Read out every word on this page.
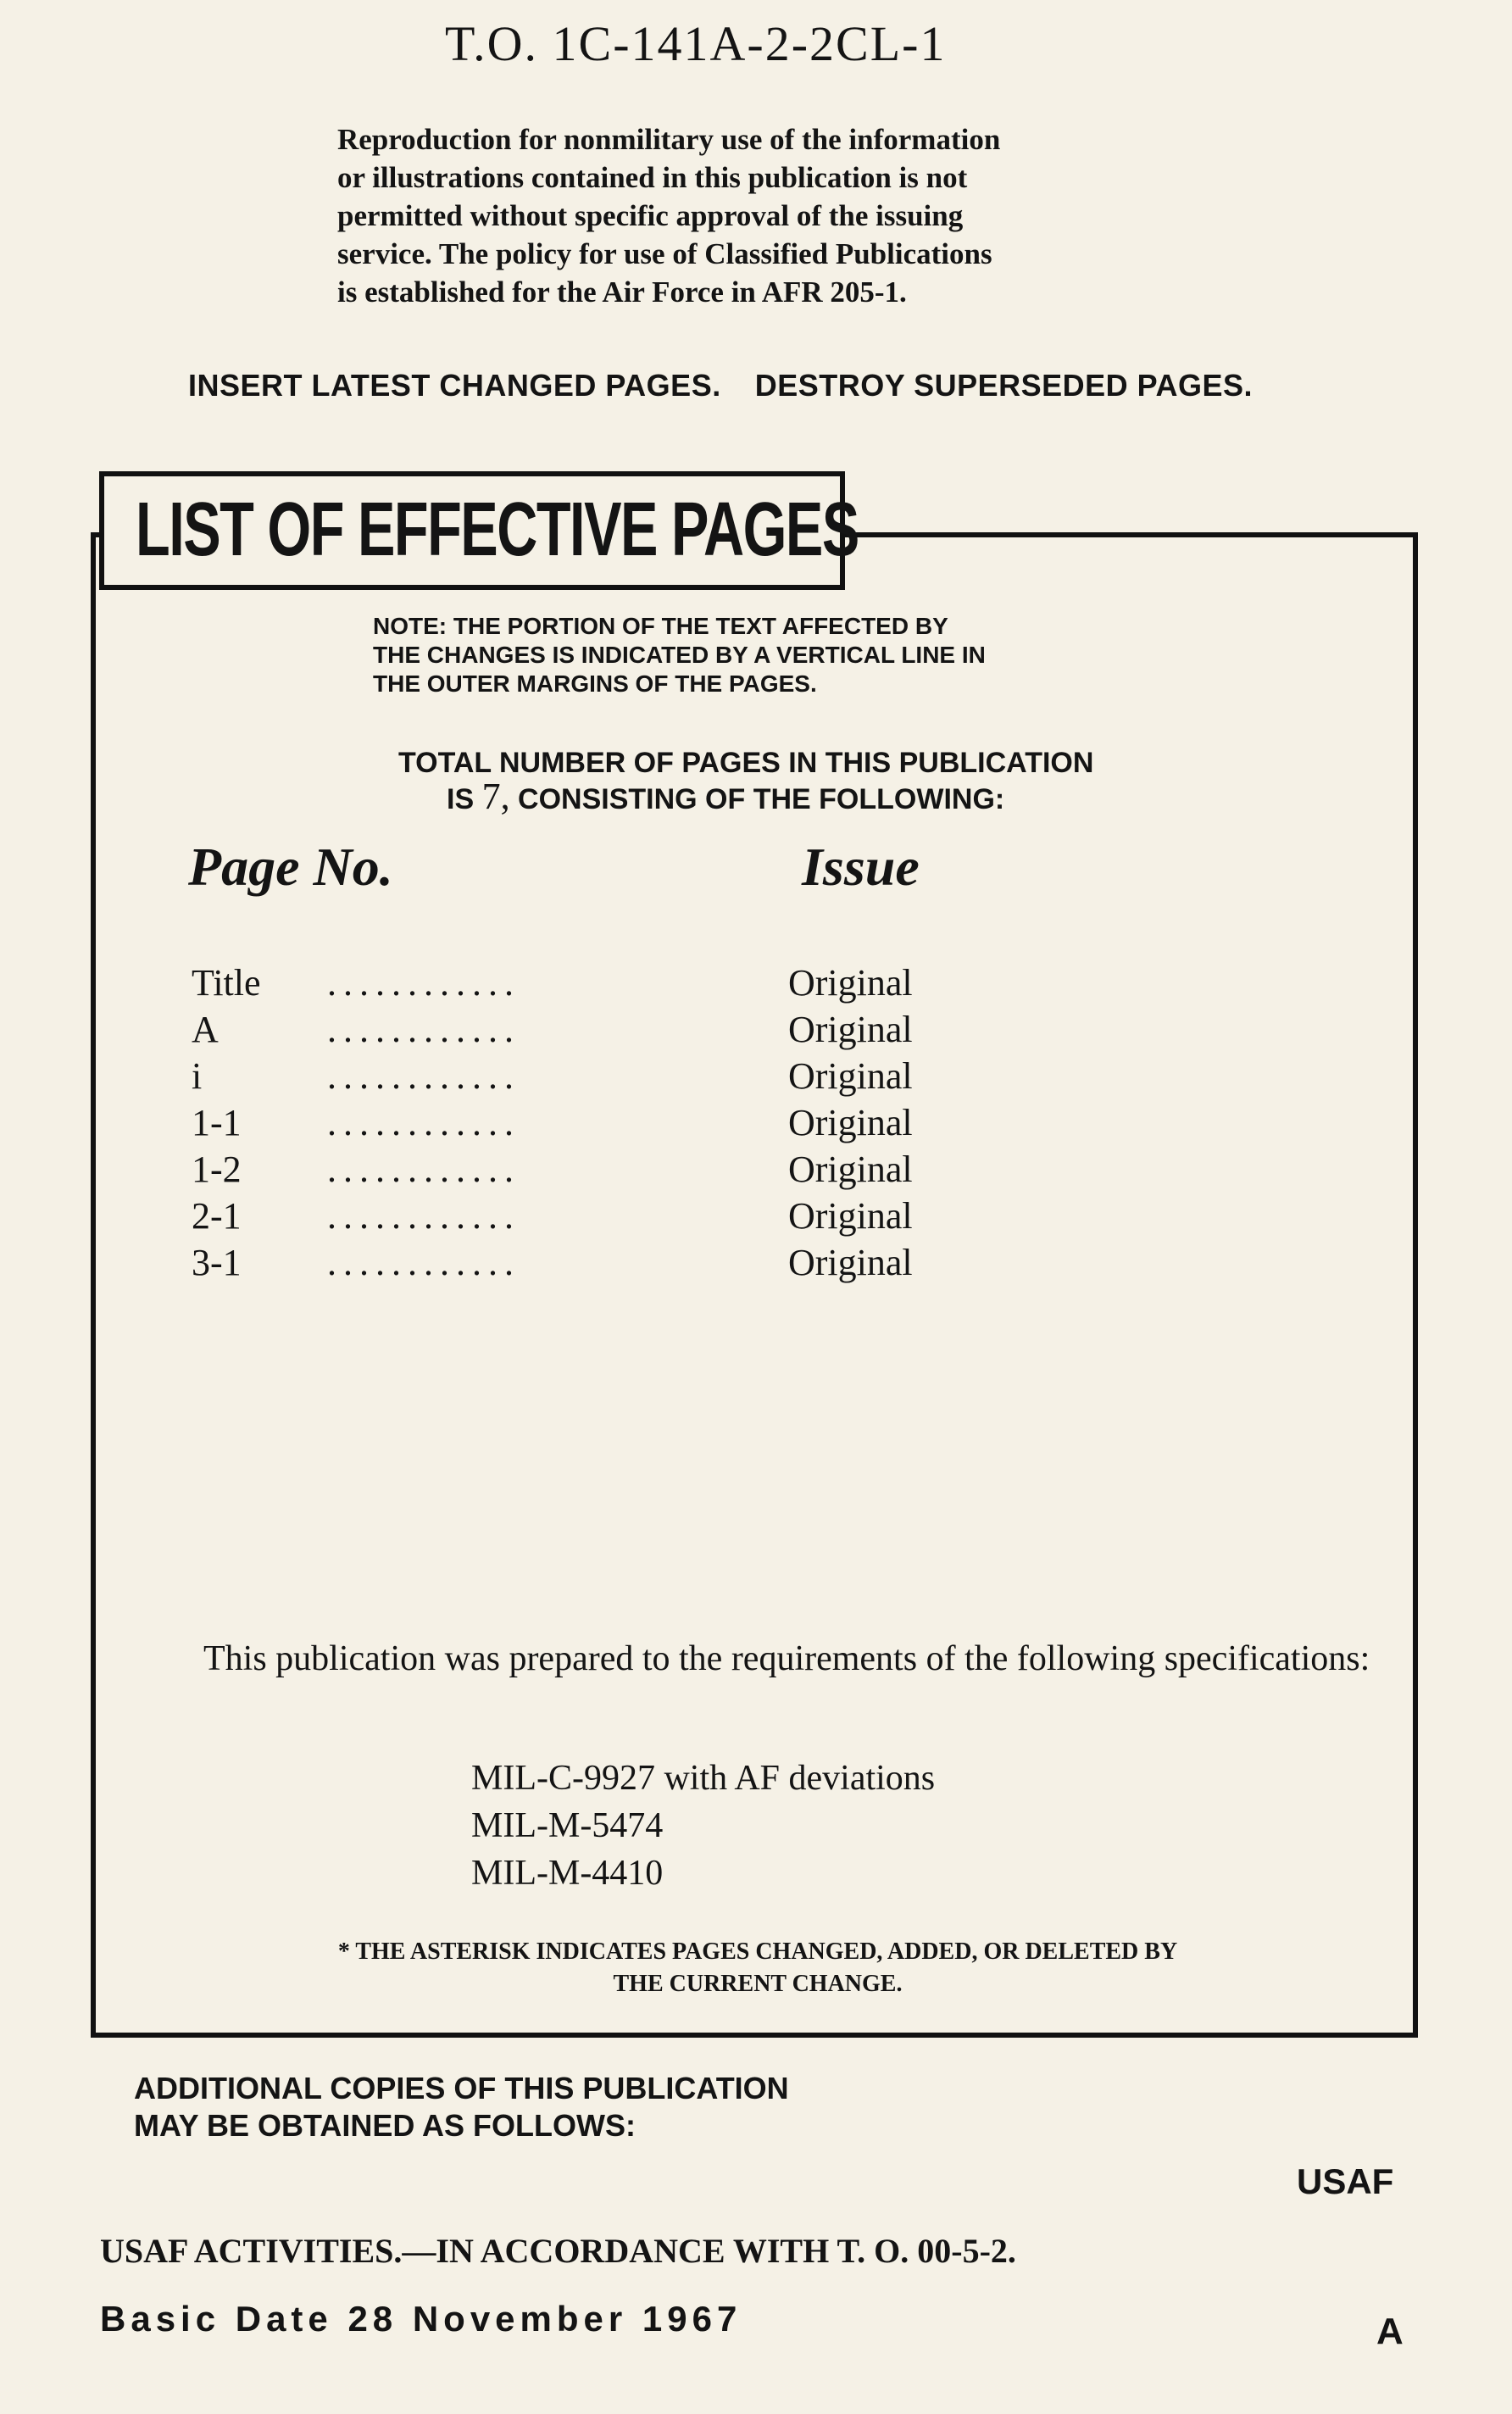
T.O. 1C-141A-2-2CL-1
Reproduction for nonmilitary use of the information
or illustrations contained in this publication is not
permitted without specific approval of the issuing
service. The policy for use of Classified Publications
is established for the Air Force in AFR 205-1.
INSERT LATEST CHANGED PAGES. DESTROY SUPERSEDED PAGES.
LIST OF EFFECTIVE PAGES
NOTE: THE PORTION OF THE TEXT AFFECTED BY
THE CHANGES IS INDICATED BY A VERTICAL LINE IN
THE OUTER MARGINS OF THE PAGES.
TOTAL NUMBER OF PAGES IN THIS PUBLICATION
IS 7, CONSISTING OF THE FOLLOWING:
Page No.	Issue
Title ............	Original
A	............	Original
i	............	Original
1-1 ............	Original
1-2 ............	Original
2-1 ............	Original
3-1 ............	Original
This publication was prepared to the requirements of the following specifications:
MIL-C-9927 with AF deviations
MIL-M-5474
MIL-M-4410
* THE ASTERISK INDICATES PAGES CHANGED, ADDED, OR DELETED BY THE CURRENT CHANGE.
ADDITIONAL COPIES OF THIS PUBLICATION
MAY BE OBTAINED AS FOLLOWS:
USAF
USAF ACTIVITIES.—IN ACCORDANCE WITH T. O. 00-5-2.
Basic Date 28 November 1967	A
